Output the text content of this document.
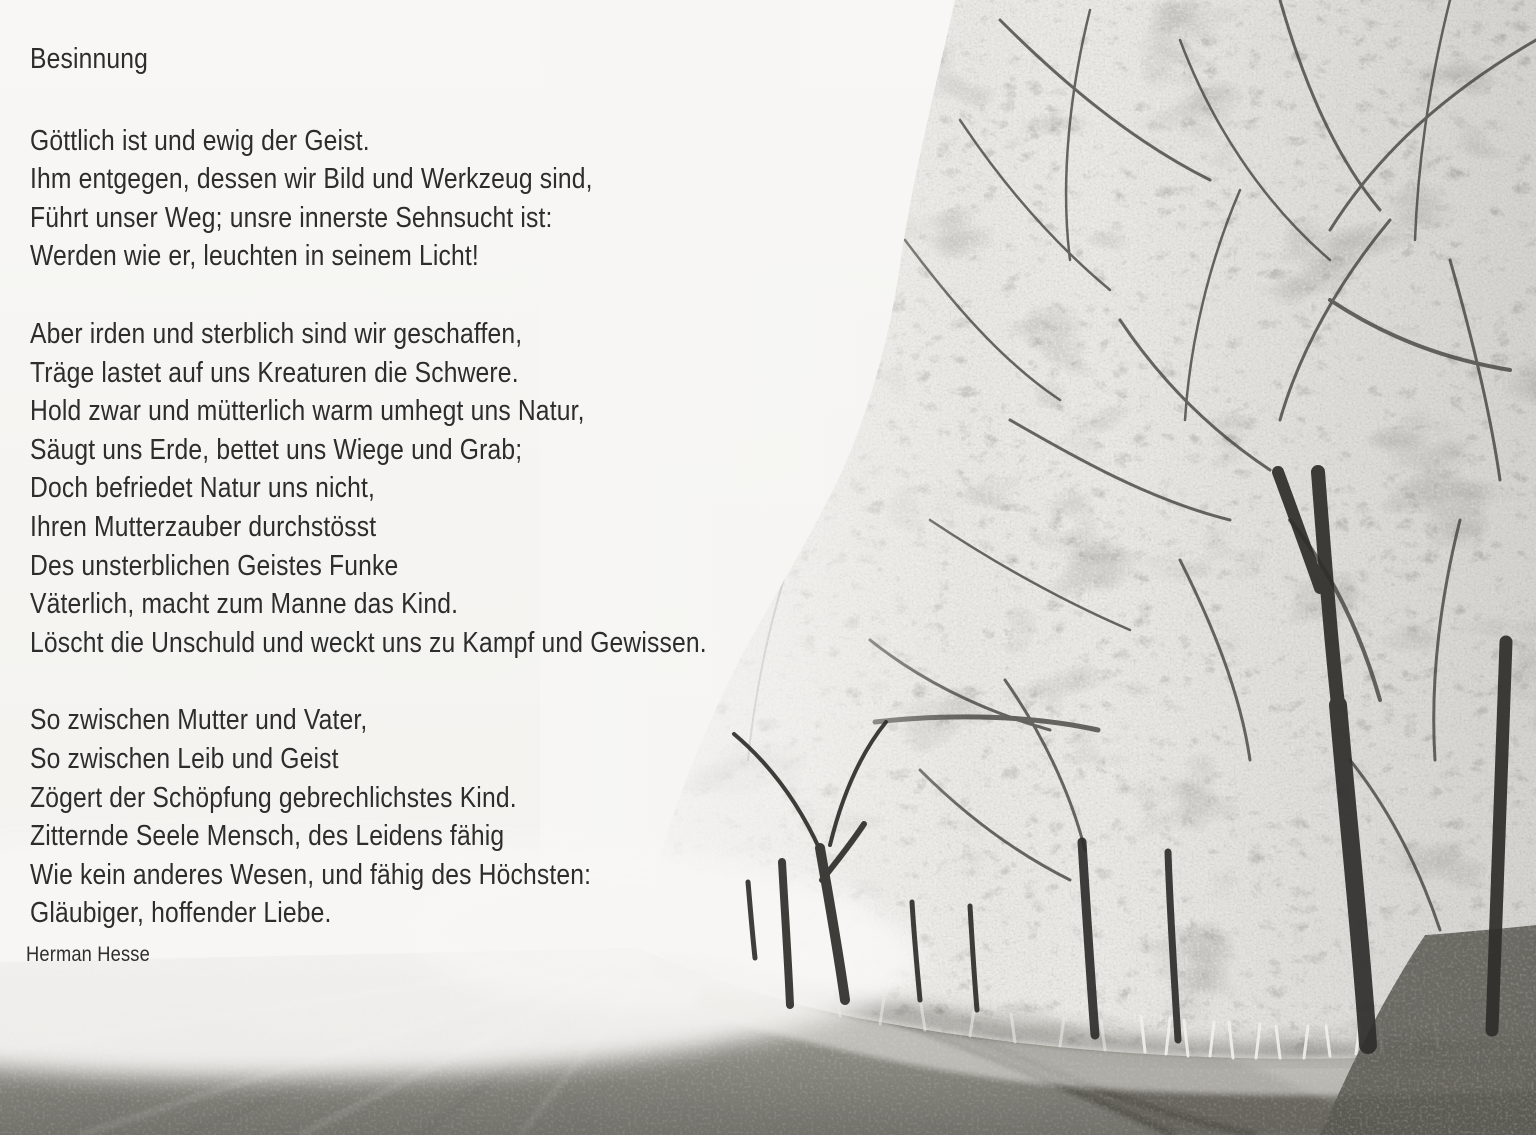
Besinnung
Göttlich ist und ewig der Geist.
Ihm entgegen, dessen wir Bild und Werkzeug sind,
Führt unser Weg; unsre innerste Sehnsucht ist:
Werden wie er, leuchten in seinem Licht!
Aber irden und sterblich sind wir geschaffen,
Träge lastet auf uns Kreaturen die Schwere.
Hold zwar und mütterlich warm umhegt uns Natur,
Säugt uns Erde, bettet uns Wiege und Grab;
Doch befriedet Natur uns nicht,
Ihren Mutterzauber durchstösst
Des unsterblichen Geistes Funke
Väterlich, macht zum Manne das Kind.
Löscht die Unschuld und weckt uns zu Kampf und Gewissen.
So zwischen Mutter und Vater,
So zwischen Leib und Geist
Zögert der Schöpfung gebrechlichstes Kind.
Zitternde Seele Mensch, des Leidens fähig
Wie kein anderes Wesen, und fähig des Höchsten:
Gläubiger, hoffender Liebe.
Herman Hesse
